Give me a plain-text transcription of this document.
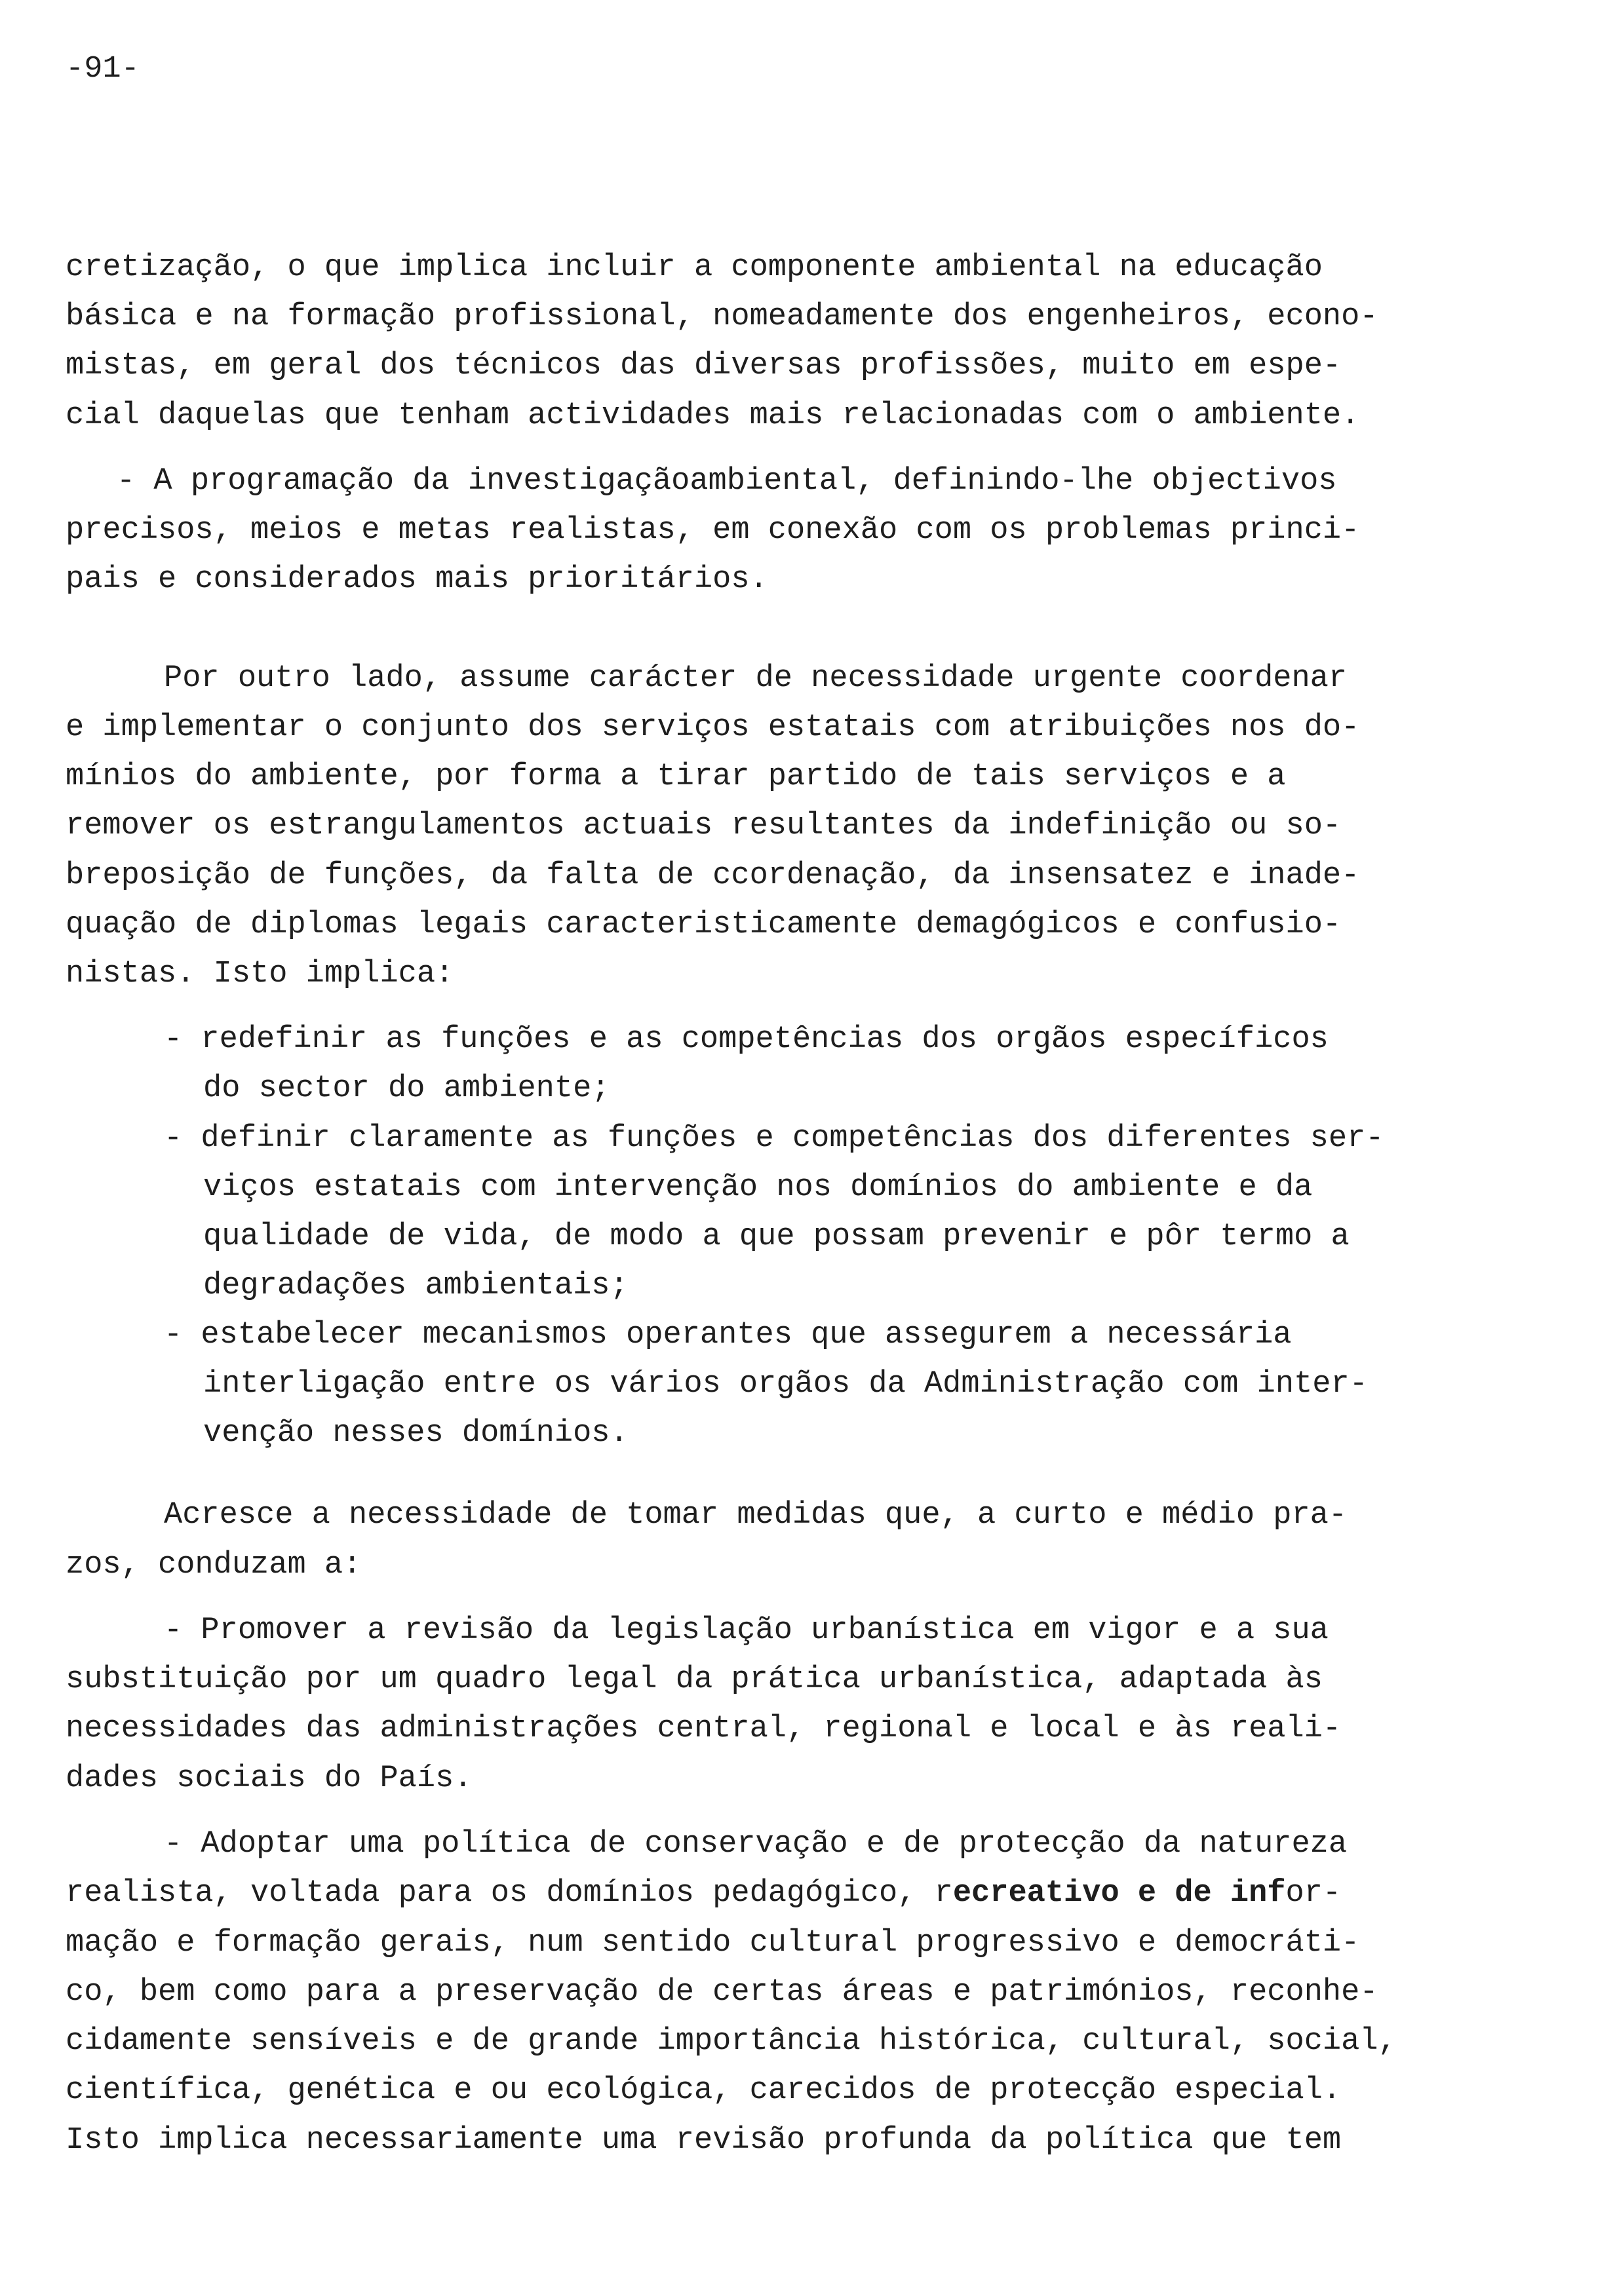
-91-

cretização, o que implica incluir a componente ambiental na educação

básica e na formação profissional, nomeadamente dos engenheiros, econo-

mistas, em geral dos técnicos das diversas profissões, muito em espe-

cial daquelas que tenham actividades mais relacionadas com o ambiente.

- A programação da investigaçãoambiental, definindo-lhe objectivos

precisos, meios e metas realistas, em conexão com os problemas princi-

pais e considerados mais prioritários.

Por outro lado, assume carácter de necessidade urgente coordenar

e implementar o conjunto dos serviços estatais com atribuições nos do-

mínios do ambiente, por forma a tirar partido de tais serviços e a

remover os estrangulamentos actuais resultantes da indefinição ou so-

breposição de funções, da falta de ccordenação, da insensatez e inade-

quação de diplomas legais caracteristicamente demagógicos e confusio-

nistas. Isto implica:

- redefinir as funções e as competências dos orgãos específicos

do sector do ambiente;

- definir claramente as funções e competências dos diferentes ser-

viços estatais com intervenção nos domínios do ambiente e da

qualidade de vida, de modo a que possam prevenir e pôr termo a

degradações ambientais;

- estabelecer mecanismos operantes que assegurem a necessária

interligação entre os vários orgãos da Administração com inter-

venção nesses domínios.

Acresce a necessidade de tomar medidas que, a curto e médio pra-

zos, conduzam a:

- Promover a revisão da legislação urbanística em vigor e a sua

substituição por um quadro legal da prática urbanística, adaptada às

necessidades das administrações central, regional e local e às reali-

dades sociais do País.

- Adoptar uma política de conservação e de protecção da natureza

realista, voltada para os domínios pedagógico, recreativo e de infor-

mação e formação gerais, num sentido cultural progressivo e democráti-

co, bem como para a preservação de certas áreas e patrimónios, reconhe-

cidamente sensíveis e de grande importância histórica, cultural, social,

científica, genética e ou ecológica, carecidos de protecção especial.

Isto implica necessariamente uma revisão profunda da política que tem
